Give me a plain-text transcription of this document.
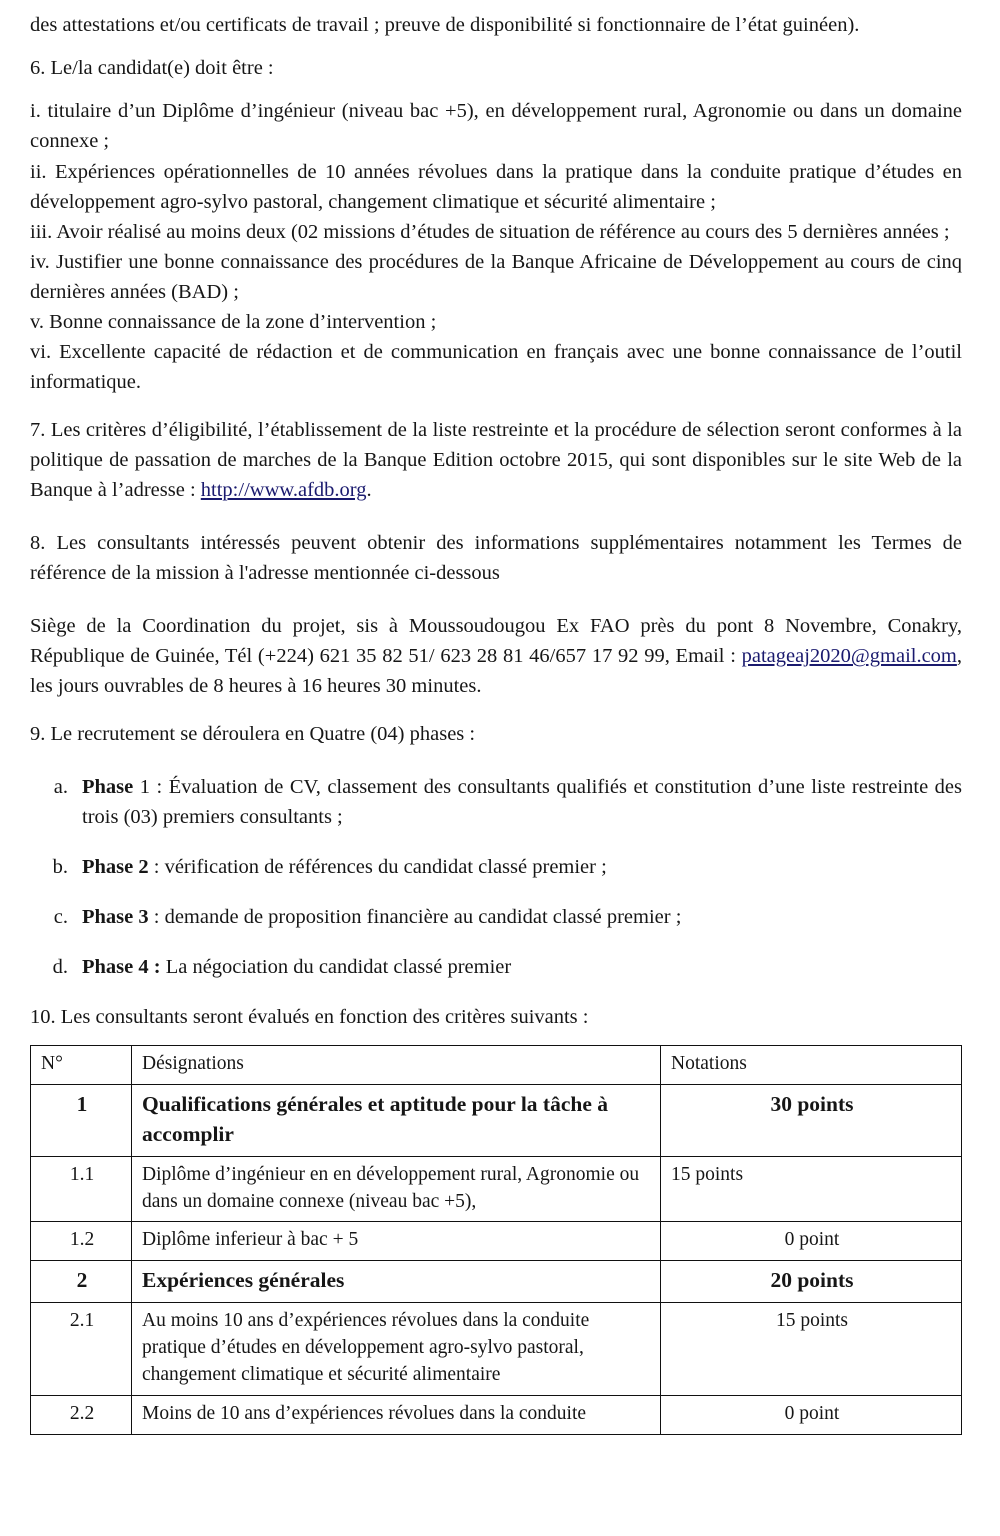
des attestations et/ou certificats de travail ; preuve de disponibilité si fonctionnaire de l’état guinéen).

6. Le/la candidat(e) doit être :

i. titulaire d’un Diplôme d’ingénieur (niveau bac +5), en développement rural, Agronomie ou dans un domaine connexe ;

ii. Expériences opérationnelles de 10 années révolues dans la pratique dans la conduite pratique d’études en développement agro-sylvo pastoral, changement climatique et sécurité alimentaire ;

iii. Avoir réalisé au moins deux (02 missions d’études de situation de référence au cours des 5 dernières années ;

iv. Justifier une bonne connaissance des procédures de la Banque Africaine de Développement au cours de cinq dernières années (BAD) ;

v. Bonne connaissance de la zone d’intervention ;

vi. Excellente capacité de rédaction et de communication en français avec une bonne connaissance de l’outil informatique.

7. Les critères d’éligibilité, l’établissement de la liste restreinte et la procédure de sélection seront conformes à la politique de passation de marches de la Banque Edition octobre 2015, qui sont disponibles sur le site Web de la Banque à l’adresse : http://www.afdb.org.

8. Les consultants intéressés peuvent obtenir des informations supplémentaires notamment les Termes de référence de la mission à l'adresse mentionnée ci-dessous

Siège de la Coordination du projet, sis à Moussoudougou Ex FAO près du pont 8 Novembre, Conakry, République de Guinée, Tél (+224) 621 35 82 51/ 623 28 81 46/657 17 92 99, Email : patageaj2020@gmail.com, les jours ouvrables de 8 heures à 16 heures 30 minutes.

9. Le recrutement se déroulera en Quatre (04) phases :

a. Phase 1 : Évaluation de CV, classement des consultants qualifiés et constitution d’une liste restreinte des trois (03) premiers consultants ;
b. Phase 2 : vérification de références du candidat classé premier ;
c. Phase 3 : demande de proposition financière au candidat classé premier ;
d. Phase 4 : La négociation du candidat classé premier

10. Les consultants seront évalués en fonction des critères suivants :

N°	Désignations	Notations
1	Qualifications générales et aptitude pour la tâche à accomplir	30 points
1.1	Diplôme d’ingénieur en en développement rural, Agronomie ou dans un domaine connexe (niveau bac +5),	15 points
1.2	Diplôme inferieur à bac + 5	0 point
2	Expériences générales	20 points
2.1	Au moins 10 ans d’expériences révolues dans la conduite pratique d’études en développement agro-sylvo pastoral, changement climatique et sécurité alimentaire	15 points
2.2	Moins de 10 ans d’expériences révolues dans la conduite	0 point
